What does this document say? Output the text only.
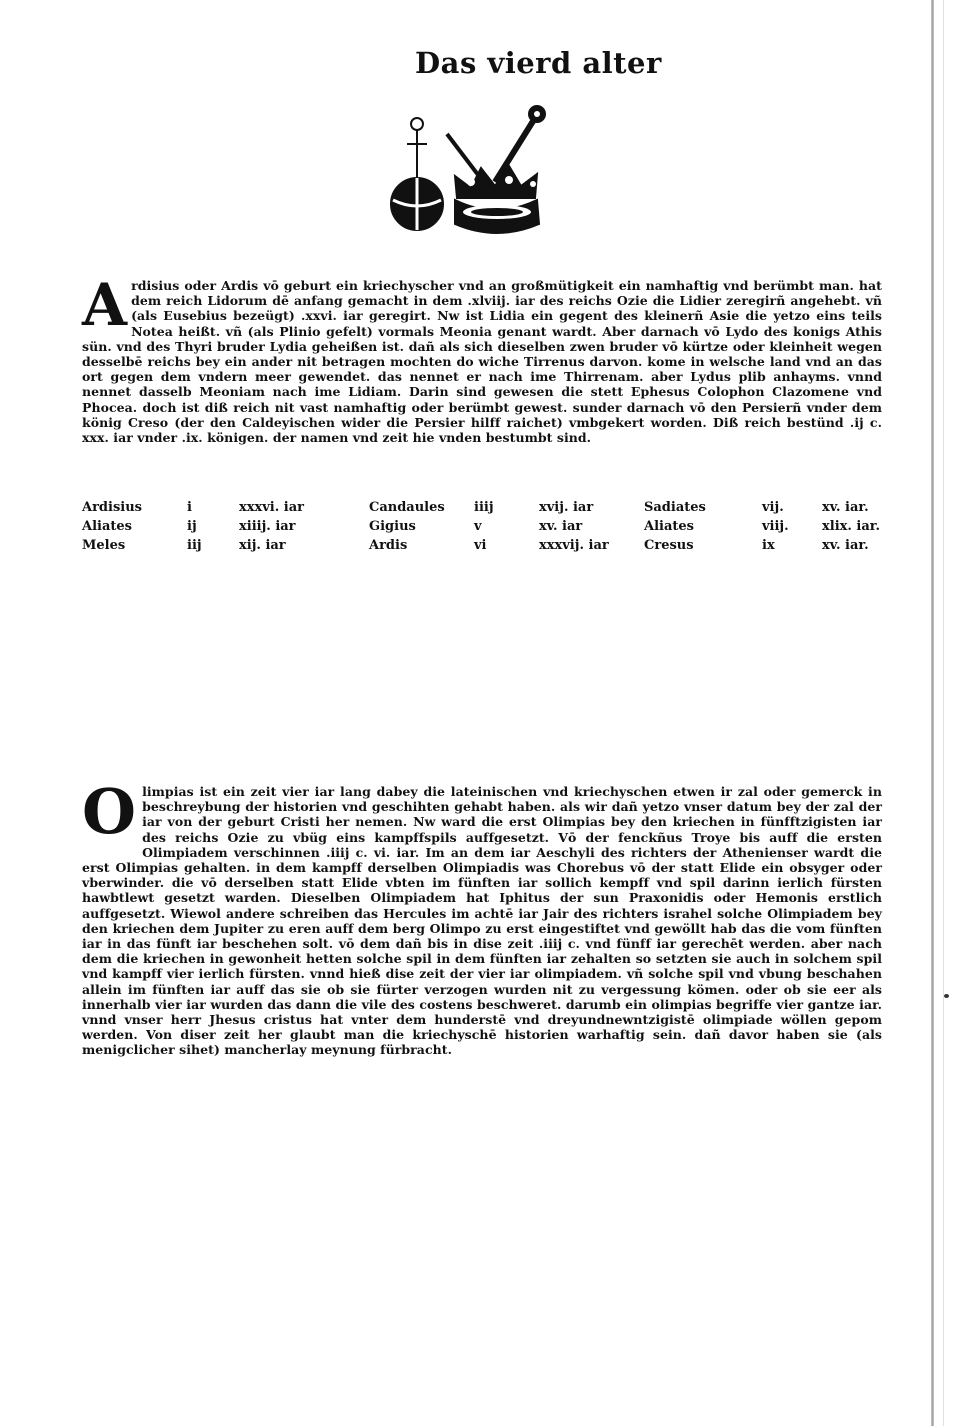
Das vierd alter
A rdisius oder Ardis vō geburt ein kriechyscher vnd an großmütigkeit ein namhaftig vnd berümbt man. hat dem reich Lidorum dē anfang gemacht in dem .xlviij. iar des reichs Ozie die Lidier zeregirñ angehebt. vñ (als Eusebius bezeügt) .xxvi. iar geregirt. Nw ist Lidia ein gegent des kleinerñ Asie die yetzo eins teils Notea heißt. vñ (als Plinio gefelt) vormals Meonia genant wardt. Aber darnach vō Lydo des konigs Athis sün. vnd des Thyri bruder Lydia geheißen ist. dañ als sich dieselben zwen bruder vō kürtze oder kleinheit wegen desselbē reichs bey ein ander nit betragen mochten do wiche Tirrenus darvon. kome in welsche land vnd an das ort gegen dem vndern meer gewendet. das nennet er nach ime Thirrenam. aber Lydus plib anhayms. vnnd nennet dasselb Meoniam nach ime Lidiam. Darin sind gewesen die stett Ephesus Colophon Clazomene vnd Phocea. doch ist diß reich nit vast namhaftig oder berümbt gewest. sunder darnach vō den Persierñ vnder dem könig Creso (der den Caldeyischen wider die Persier hilff raichet) vmbgekert worden. Diß reich bestünd .ij c. xxx. iar vnder .ix. königen. der namen vnd zeit hie vnden bestumbt sind.
Ardisius	i	xxxvi. iar	Candaules	iiij	xvij. iar	Sadiates	vij.	xv. iar.
Aliates	ij	xiiij. iar	Gigius	v	xv. iar	Aliates	viij.	xlix. iar.
Meles	iij	xij. iar	Ardis	vi	xxxvij. iar	Cresus	ix	xv. iar.
O limpias ist ein zeit vier iar lang dabey die lateinischen vnd kriechyschen etwen ir zal oder gemerck in beschreybung der historien vnd geschihten gehabt haben. als wir dañ yetzo vnser datum bey der zal der iar von der geburt Cristi her nemen. Nw ward die erst Olimpias bey den kriechen in fünfftzigisten iar des reichs Ozie zu vbüg eins kampffspils auffgesetzt. Vō der fenckñus Troye bis auff die ersten Olimpiadem verschinnen .iiij c. vi. iar. Im an dem iar Aeschyli des richters der Athenienser wardt die erst Olimpias gehalten. in dem kampff derselben Olimpiadis was Chorebus vō der statt Elide ein obsyger oder vberwinder. die vō derselben statt Elide vbten im fünften iar sollich kempff vnd spil darinn ierlich fürsten hawbtlewt gesetzt warden. Dieselben Olimpiadem hat Iphitus der sun Praxonidis oder Hemonis erstlich auffgesetzt. Wiewol andere schreiben das Hercules im achtē iar Jair des richters israhel solche Olimpiadem bey den kriechen dem Jupiter zu eren auff dem berg Olimpo zu erst eingestiftet vnd gewöllt hab das die vom fünften iar in das fünft iar beschehen solt. vō dem dañ bis in dise zeit .iiij c. vnd fünff iar gerechēt werden. aber nach dem die kriechen in gewonheit hetten solche spil in dem fünften iar zehalten so setzten sie auch in solchem spil vnd kampff vier ierlich fürsten. vnnd hieß dise zeit der vier iar olimpiadem. vñ solche spil vnd vbung beschahen allein im fünften iar auff das sie ob sie fürter verzogen wurden nit zu vergessung kömen. oder ob sie eer als innerhalb vier iar wurden das dann die vile des costens beschweret. darumb ein olimpias begriffe vier gantze iar. vnnd vnser herr Jhesus cristus hat vnter dem hunderstē vnd dreyundnewntzigistē olimpiade wöllen gepom werden. Von diser zeit her glaubt man die kriechyschē historien warhaftig sein. dañ davor haben sie (als menigclicher sihet) mancherlay meynung fürbracht.
